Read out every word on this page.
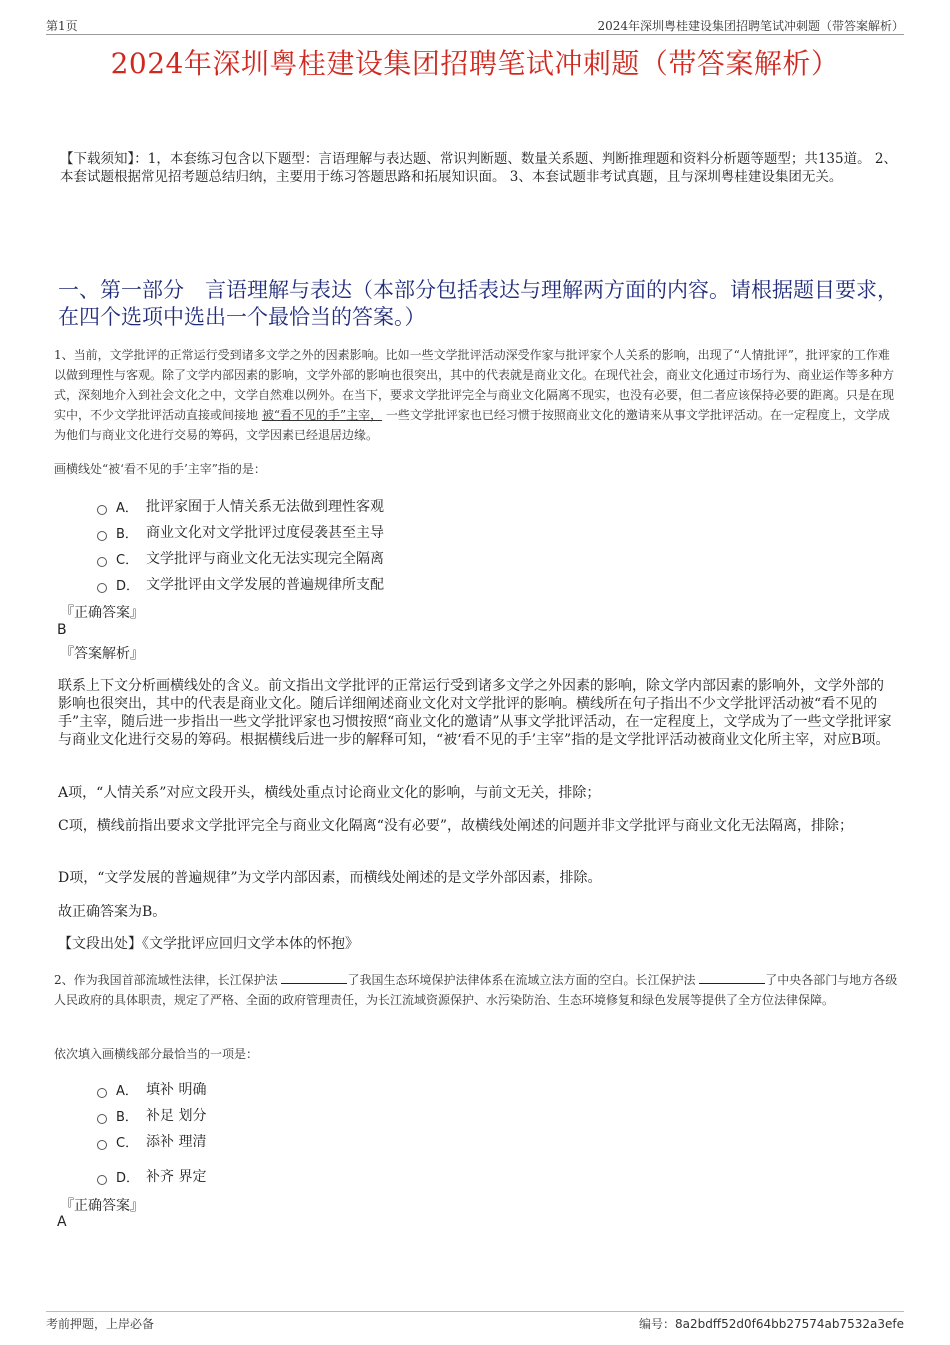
第1页	2024年深圳粤桂建设集团招聘笔试冲刺题（带答案解析）
2024年深圳粤桂建设集团招聘笔试冲刺题（带答案解析）
【下载须知】：1，本套练习包含以下题型：言语理解与表达题、常识判断题、数量关系题、判断推理题和资料分析题等题型；共135道。 2、本套试题根据常见招考题总结归纳，主要用于练习答题思路和拓展知识面。 3、本套试题非考试真题，且与深圳粤桂建设集团无关。
一、第一部分　言语理解与表达（本部分包括表达与理解两方面的内容。请根据题目要求，在四个选项中选出一个最恰当的答案。）
1、当前，文学批评的正常运行受到诸多文学之外的因素影响。比如一些文学批评活动深受作家与批评家个人关系的影响，出现了“人情批评”，批评家的工作难以做到理性与客观。除了文学内部因素的影响，文学外部的影响也很突出，其中的代表就是商业文化。在现代社会，商业文化通过市场行为、商业运作等多种方式，深刻地介入到社会文化之中，文学自然难以例外。在当下，要求文学批评完全与商业文化隔离不现实，也没有必要，但二者应该保持必要的距离。只是在现实中，不少文学批评活动直接或间接地 被“看不见的手”主宰， 一些文学批评家也已经习惯于按照商业文化的邀请来从事文学批评活动。在一定程度上，文学成为他们与商业文化进行交易的筹码，文学因素已经退居边缘。
画横线处“被‘看不见的手’主宰”指的是：
A． 批评家囿于人情关系无法做到理性客观
B． 商业文化对文学批评过度侵袭甚至主导
C． 文学批评与商业文化无法实现完全隔离
D． 文学批评由文学发展的普遍规律所支配
『正确答案』
B
『答案解析』
联系上下文分析画横线处的含义。前文指出文学批评的正常运行受到诸多文学之外因素的影响，除文学内部因素的影响外，文学外部的影响也很突出，其中的代表是商业文化。随后详细阐述商业文化对文学批评的影响。横线所在句子指出不少文学批评活动被“看不见的手”主宰，随后进一步指出一些文学批评家也习惯按照“商业文化的邀请”从事文学批评活动，在一定程度上，文学成为了一些文学批评家与商业文化进行交易的筹码。根据横线后进一步的解释可知，“被‘看不见的手’主宰”指的是文学批评活动被商业文化所主宰，对应B项。
A项，“人情关系”对应文段开头，横线处重点讨论商业文化的影响，与前文无关，排除；
C项，横线前指出要求文学批评完全与商业文化隔离“没有必要”，故横线处阐述的问题并非文学批评与商业文化无法隔离，排除；
D项，“文学发展的普遍规律”为文学内部因素，而横线处阐述的是文学外部因素，排除。
故正确答案为B。
【文段出处】《文学批评应回归文学本体的怀抱》
2、作为我国首部流域性法律，长江保护法	了我国生态环境保护法律体系在流域立法方面的空白。长江保护法	了中央各部门与地方各级人民政府的具体职责，规定了严格、全面的政府管理责任，为长江流域资源保护、水污染防治、生态环境修复和绿色发展等提供了全方位法律保障。
依次填入画横线部分最恰当的一项是：
A． 填补 明确
B． 补足 划分
C． 添补 理清
D． 补齐 界定
『正确答案』
A
考前押题，上岸必备	编号：8a2bdff52d0f64bb27574ab7532a3efe
